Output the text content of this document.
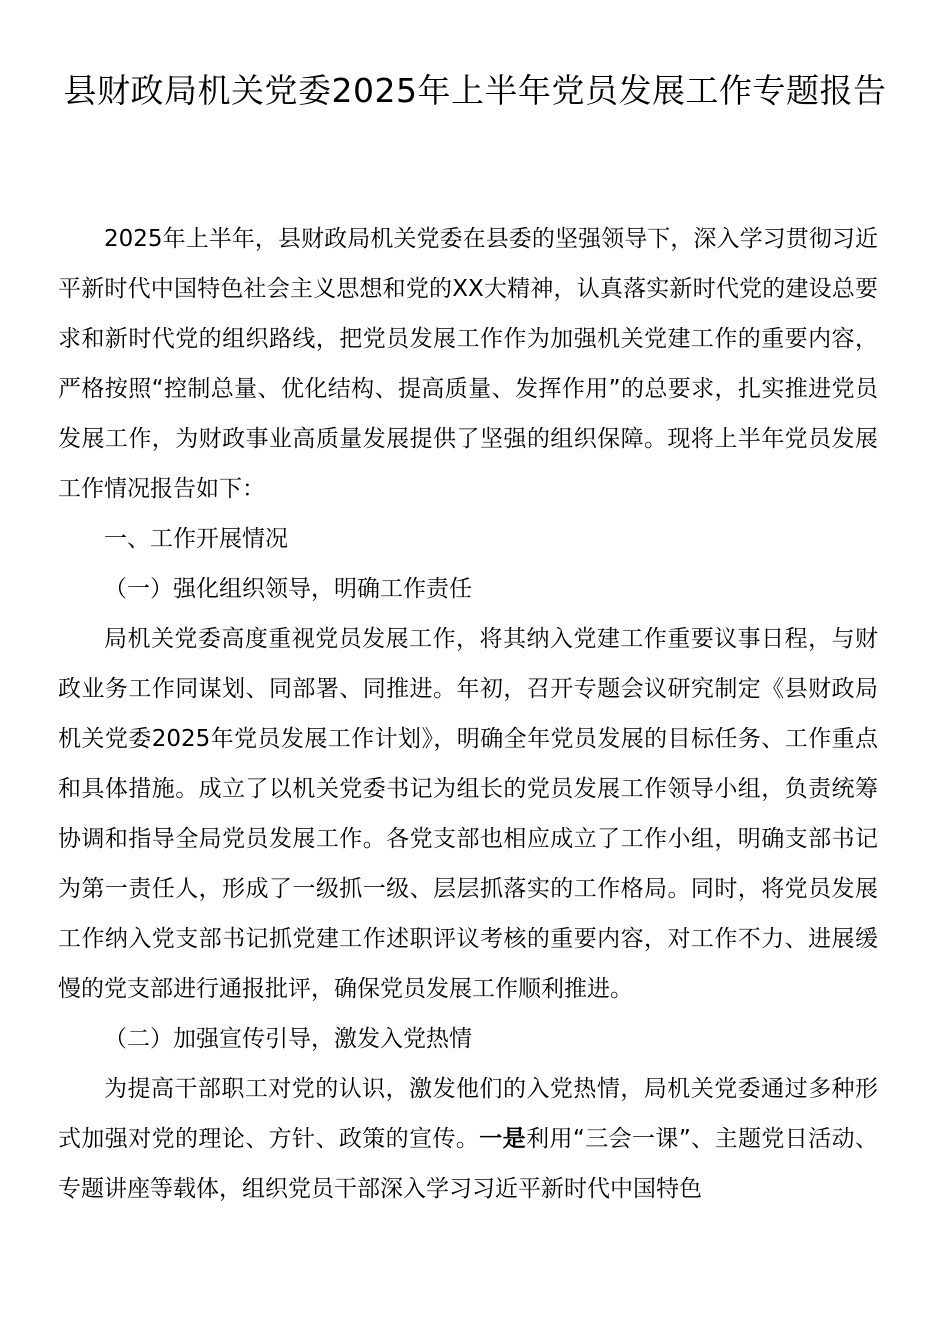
县财政局机关党委2025年上半年党员发展工作专题报告

2025年上半年，县财政局机关党委在县委的坚强领导下，深入学习贯彻习近平新时代中国特色社会主义思想和党的XX大精神，认真落实新时代党的建设总要求和新时代党的组织路线，把党员发展工作作为加强机关党建工作的重要内容，严格按照“控制总量、优化结构、提高质量、发挥作用”的总要求，扎实推进党员发展工作，为财政事业高质量发展提供了坚强的组织保障。现将上半年党员发展工作情况报告如下：

一、工作开展情况

（一）强化组织领导，明确工作责任

局机关党委高度重视党员发展工作，将其纳入党建工作重要议事日程，与财政业务工作同谋划、同部署、同推进。年初，召开专题会议研究制定《县财政局机关党委2025年党员发展工作计划》，明确全年党员发展的目标任务、工作重点和具体措施。成立了以机关党委书记为组长的党员发展工作领导小组，负责统筹协调和指导全局党员发展工作。各党支部也相应成立了工作小组，明确支部书记为第一责任人，形成了一级抓一级、层层抓落实的工作格局。同时，将党员发展工作纳入党支部书记抓党建工作述职评议考核的重要内容，对工作不力、进展缓慢的党支部进行通报批评，确保党员发展工作顺利推进。

（二）加强宣传引导，激发入党热情

为提高干部职工对党的认识，激发他们的入党热情，局机关党委通过多种形式加强对党的理论、方针、政策的宣传。一是利用“三会一课”、主题党日活动、专题讲座等载体，组织党员干部深入学习习近平新时代中国特色
